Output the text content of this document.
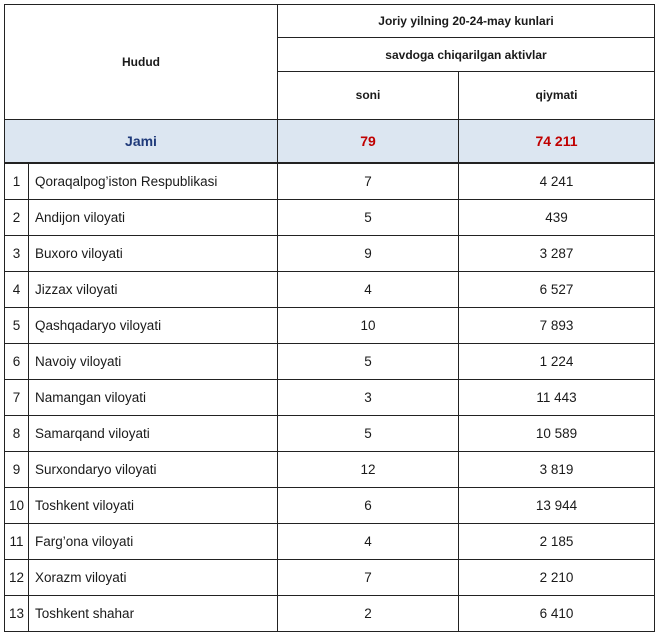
Hudud		Joriy yilning 20-24-may kunlari	
		savdoga chiqarilgan aktivlar	
		soni	qiymati
Jami		79	74 211
1	Qoraqalpog’iston Respublikasi	7	4 241
2	Andijon viloyati	5	439
3	Buxoro viloyati	9	3 287
4	Jizzax viloyati	4	6 527
5	Qashqadaryo viloyati	10	7 893
6	Navoiy viloyati	5	1 224
7	Namangan viloyati	3	11 443
8	Samarqand viloyati	5	10 589
9	Surxondaryo viloyati	12	3 819
10	Toshkent viloyati	6	13 944
11	Farg’ona viloyati	4	2 185
12	Xorazm viloyati	7	2 210
13	Toshkent shahar	2	6 410
